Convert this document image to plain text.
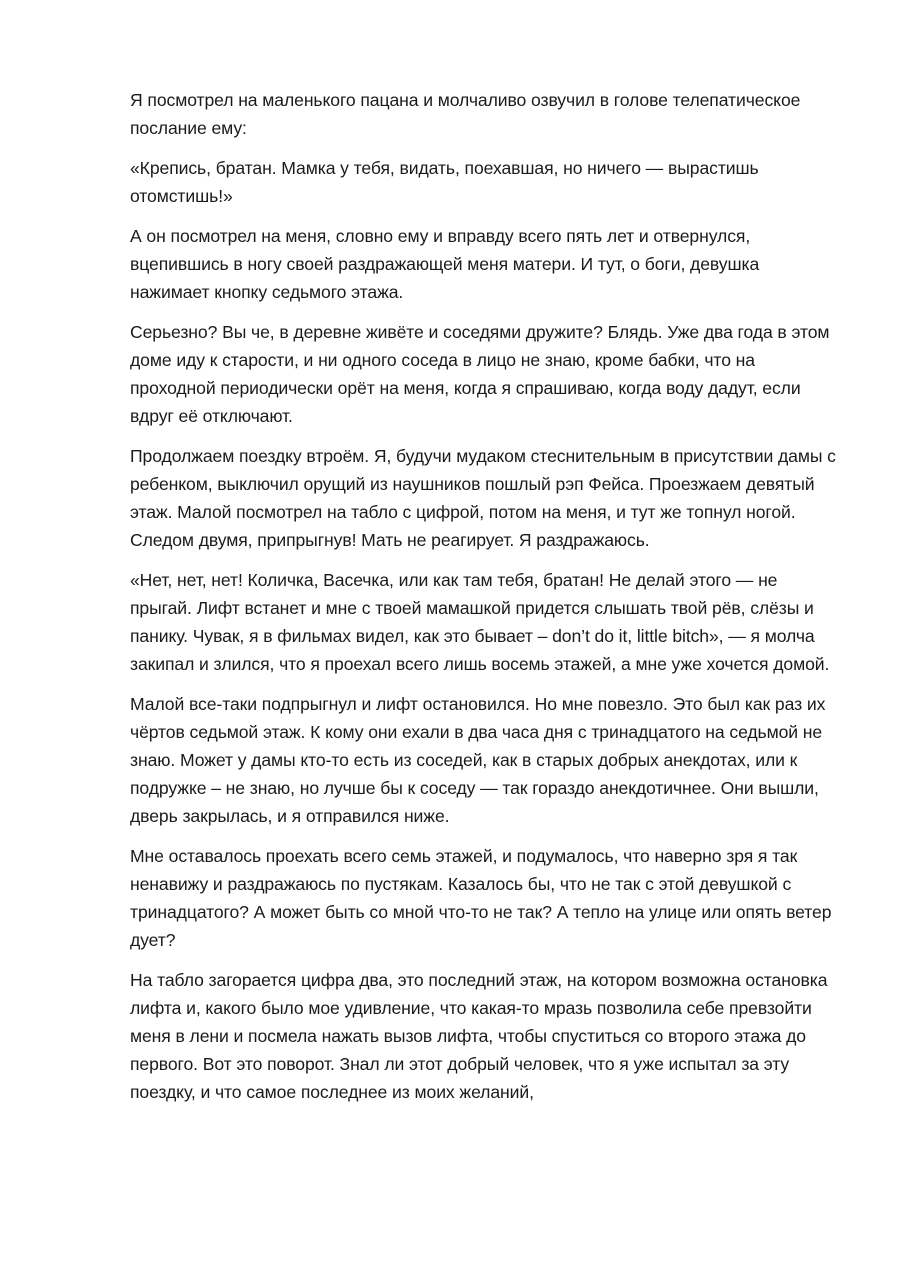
Я посмотрел на маленького пацана и молчаливо озвучил в голове телепатическое послание ему:

«Крепись, братан. Мамка у тебя, видать, поехавшая, но ничего — вырастишь отомстишь!»

А он посмотрел на меня, словно ему и вправду всего пять лет и отвернулся, вцепившись в ногу своей раздражающей меня матери. И тут, о боги, девушка нажимает кнопку седьмого этажа.

Серьезно? Вы че, в деревне живёте и соседями дружите? Блядь. Уже два года в этом доме иду к старости, и ни одного соседа в лицо не знаю, кроме бабки, что на проходной периодически орёт на меня, когда я спрашиваю, когда воду дадут, если вдруг её отключают.

Продолжаем поездку втроём. Я, будучи мудаком стеснительным в присутствии дамы с ребенком, выключил орущий из наушников пошлый рэп Фейса. Проезжаем девятый этаж. Малой посмотрел на табло с цифрой, потом на меня, и тут же топнул ногой. Следом двумя, припрыгнув! Мать не реагирует. Я раздражаюсь.

«Нет, нет, нет! Количка, Васечка, или как там тебя, братан! Не делай этого — не прыгай. Лифт встанет и мне с твоей мамашкой придется слышать твой рёв, слёзы и панику. Чувак, я в фильмах видел, как это бывает – don’t do it, little bitch», — я молча закипал и злился, что я проехал всего лишь восемь этажей, а мне уже хочется домой.

Малой все-таки подпрыгнул и лифт остановился. Но мне повезло. Это был как раз их чёртов седьмой этаж. К кому они ехали в два часа дня с тринадцатого на седьмой не знаю. Может у дамы кто-то есть из соседей, как в старых добрых анекдотах, или к подружке – не знаю, но лучше бы к соседу — так гораздо анекдотичнее. Они вышли, дверь закрылась, и я отправился ниже.

Мне оставалось проехать всего семь этажей, и подумалось, что наверно зря я так ненавижу и раздражаюсь по пустякам. Казалось бы, что не так с этой девушкой с тринадцатого? А может быть со мной что-то не так? А тепло на улице или опять ветер дует?

На табло загорается цифра два, это последний этаж, на котором возможна остановка лифта и, какого было мое удивление, что какая-то мразь позволила себе превзойти меня в лени и посмела нажать вызов лифта, чтобы спуститься со второго этажа до первого. Вот это поворот. Знал ли этот добрый человек, что я уже испытал за эту поездку, и что самое последнее из моих желаний,
